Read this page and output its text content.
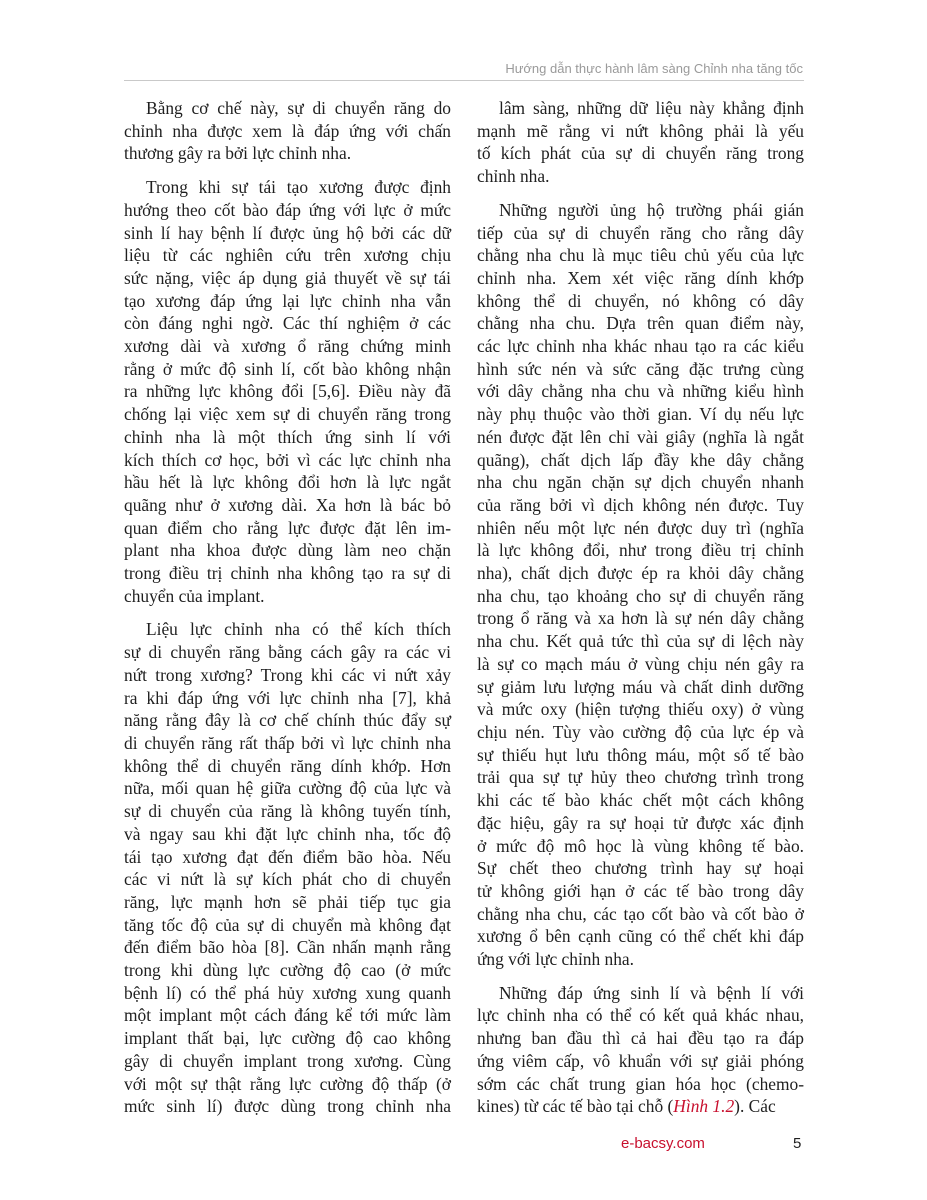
Hướng dẫn thực hành lâm sàng Chỉnh nha tăng tốc
Bằng cơ chế này, sự di chuyển răng do
chỉnh nha được xem là đáp ứng với chấn
thương gây ra bởi lực chỉnh nha.
Trong khi sự tái tạo xương được định
hướng theo cốt bào đáp ứng với lực ở mức
sinh lí hay bệnh lí được ủng hộ bởi các dữ
liệu từ các nghiên cứu trên xương chịu
sức nặng, việc áp dụng giả thuyết về sự tái
tạo xương đáp ứng lại lực chỉnh nha vẫn
còn đáng nghi ngờ. Các thí nghiệm ở các
xương dài và xương ổ răng chứng minh
rằng ở mức độ sinh lí, cốt bào không nhận
ra những lực không đổi [5,6]. Điều này đã
chống lại việc xem sự di chuyển răng trong
chỉnh nha là một thích ứng sinh lí với
kích thích cơ học, bởi vì các lực chỉnh nha
hầu hết là lực không đổi hơn là lực ngắt
quãng như ở xương dài. Xa hơn là bác bỏ
quan điểm cho rằng lực được đặt lên im-
plant nha khoa được dùng làm neo chặn
trong điều trị chỉnh nha không tạo ra sự di
chuyển của implant.
Liệu lực chỉnh nha có thể kích thích
sự di chuyển răng bằng cách gây ra các vi
nứt trong xương? Trong khi các vi nứt xảy
ra khi đáp ứng với lực chỉnh nha [7], khả
năng rằng đây là cơ chế chính thúc đẩy sự
di chuyển răng rất thấp bởi vì lực chỉnh nha
không thể di chuyển răng dính khớp. Hơn
nữa, mối quan hệ giữa cường độ của lực và
sự di chuyển của răng là không tuyến tính,
và ngay sau khi đặt lực chỉnh nha, tốc độ
tái tạo xương đạt đến điểm bão hòa. Nếu
các vi nứt là sự kích phát cho di chuyển
răng, lực mạnh hơn sẽ phải tiếp tục gia
tăng tốc độ của sự di chuyển mà không đạt
đến điểm bão hòa [8]. Cần nhấn mạnh rằng
trong khi dùng lực cường độ cao (ở mức
bệnh lí) có thể phá hủy xương xung quanh
một implant một cách đáng kể tới mức làm
implant thất bại, lực cường độ cao không
gây di chuyển implant trong xương. Cùng
với một sự thật rằng lực cường độ thấp (ở
mức sinh lí) được dùng trong chỉnh nha
lâm sàng, những dữ liệu này khẳng định
mạnh mẽ rằng vi nứt không phải là yếu
tố kích phát của sự di chuyển răng trong
chỉnh nha.
Những người ủng hộ trường phái gián
tiếp của sự di chuyển răng cho rằng dây
chằng nha chu là mục tiêu chủ yếu của lực
chỉnh nha. Xem xét việc răng dính khớp
không thể di chuyển, nó không có dây
chằng nha chu. Dựa trên quan điểm này,
các lực chỉnh nha khác nhau tạo ra các kiểu
hình sức nén và sức căng đặc trưng cùng
với dây chằng nha chu và những kiểu hình
này phụ thuộc vào thời gian. Ví dụ nếu lực
nén được đặt lên chỉ vài giây (nghĩa là ngắt
quãng), chất dịch lấp đầy khe dây chằng
nha chu ngăn chặn sự dịch chuyển nhanh
của răng bởi vì dịch không nén được. Tuy
nhiên nếu một lực nén được duy trì (nghĩa
là lực không đổi, như trong điều trị chỉnh
nha), chất dịch được ép ra khỏi dây chằng
nha chu, tạo khoảng cho sự di chuyển răng
trong ổ răng và xa hơn là sự nén dây chằng
nha chu. Kết quả tức thì của sự di lệch này
là sự co mạch máu ở vùng chịu nén gây ra
sự giảm lưu lượng máu và chất dinh dưỡng
và mức oxy (hiện tượng thiếu oxy) ở vùng
chịu nén. Tùy vào cường độ của lực ép và
sự thiếu hụt lưu thông máu, một số tế bào
trải qua sự tự hủy theo chương trình trong
khi các tế bào khác chết một cách không
đặc hiệu, gây ra sự hoại tử được xác định
ở mức độ mô học là vùng không tế bào.
Sự chết theo chương trình hay sự hoại
tử không giới hạn ở các tế bào trong dây
chằng nha chu, các tạo cốt bào và cốt bào ở
xương ổ bên cạnh cũng có thể chết khi đáp
ứng với lực chỉnh nha.
Những đáp ứng sinh lí và bệnh lí với
lực chỉnh nha có thể có kết quả khác nhau,
nhưng ban đầu thì cả hai đều tạo ra đáp
ứng viêm cấp, vô khuẩn với sự giải phóng
sớm các chất trung gian hóa học (chemo-
kines) từ các tế bào tại chỗ (Hình 1.2). Các
e-bacsy.com	5
